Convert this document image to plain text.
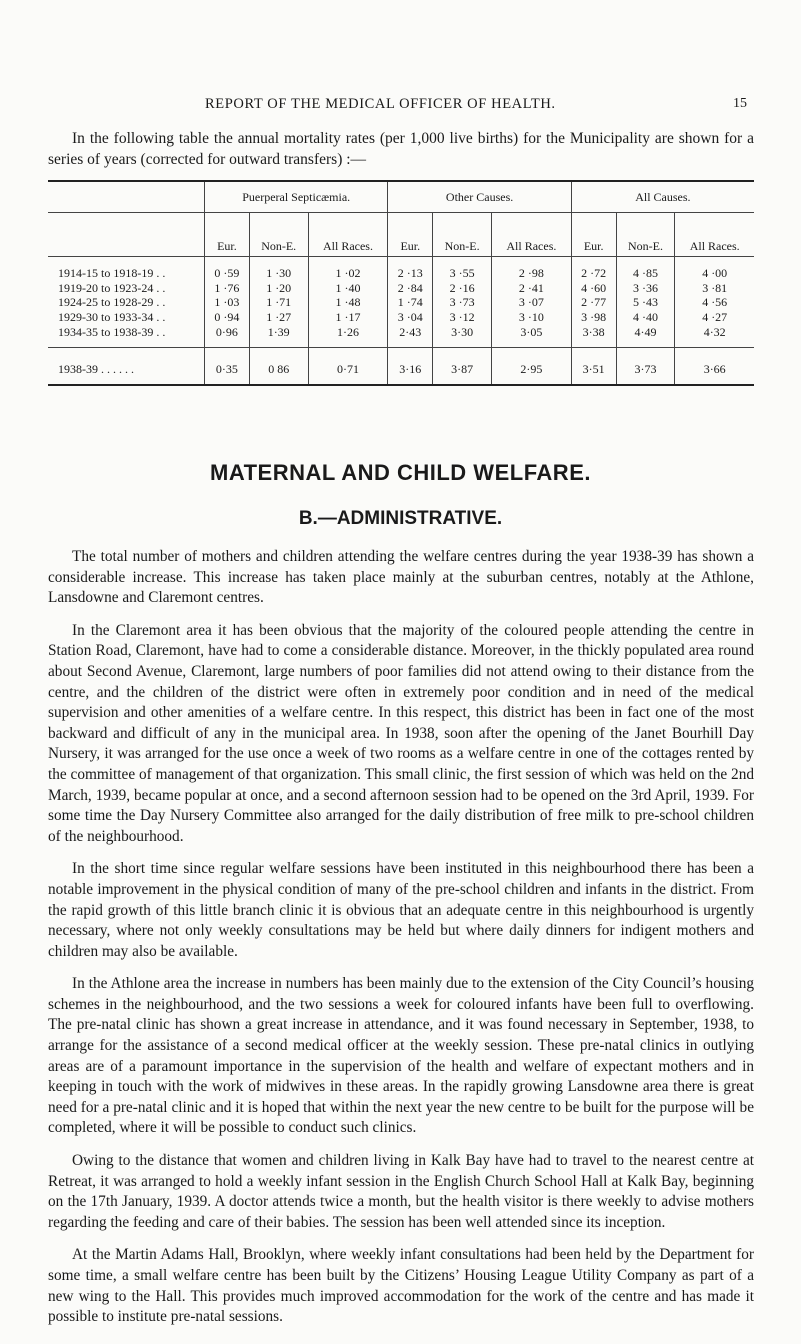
REPORT OF THE MEDICAL OFFICER OF HEALTH.	15

In the following table the annual mortality rates (per 1,000 live births) for the Municipality are shown for a series of years (corrected for outward transfers) :—

	Puerperal Septicæmia.			Other Causes.			All Causes.		
	Eur.	Non-E.	All Races.	Eur.	Non-E.	All Races.	Eur.	Non-E.	All Races.
1914-15 to 1918-19 . .	0 ·59	1 ·30	1 ·02	2 ·13	3 ·55	2 ·98	2 ·72	4 ·85	4 ·00
1919-20 to 1923-24 . .	1 ·76	1 ·20	1 ·40	2 ·84	2 ·16	2 ·41	4 ·60	3 ·36	3 ·81
1924-25 to 1928-29 . .	1 ·03	1 ·71	1 ·48	1 ·74	3 ·73	3 ·07	2 ·77	5 ·43	4 ·56
1929-30 to 1933-34 . .	0 ·94	1 ·27	1 ·17	3 ·04	3 ·12	3 ·10	3 ·98	4 ·40	4 ·27
1934-35 to 1938-39 . .	0·96	1·39	1·26	2·43	3·30	3·05	3·38	4·49	4·32
1938-39 . . . . . .	0·35	0 86	0·71	3·16	3·87	2·95	3·51	3·73	3·66
MATERNAL AND CHILD WELFARE.
B.—ADMINISTRATIVE.

The total number of mothers and children attending the welfare centres during the year 1938-39 has shown a considerable increase. This increase has taken place mainly at the suburban centres, notably at the Athlone, Lansdowne and Claremont centres.

In the Claremont area it has been obvious that the majority of the coloured people attending the centre in Station Road, Claremont, have had to come a considerable distance. Moreover, in the thickly populated area round about Second Avenue, Claremont, large numbers of poor families did not attend owing to their distance from the centre, and the children of the district were often in extremely poor condition and in need of the medical supervision and other amenities of a welfare centre. In this respect, this district has been in fact one of the most backward and difficult of any in the municipal area. In 1938, soon after the opening of the Janet Bourhill Day Nursery, it was arranged for the use once a week of two rooms as a welfare centre in one of the cottages rented by the committee of management of that organization. This small clinic, the first session of which was held on the 2nd March, 1939, became popular at once, and a second afternoon session had to be opened on the 3rd April, 1939. For some time the Day Nursery Committee also arranged for the daily distribution of free milk to pre-school children of the neighbourhood.

In the short time since regular welfare sessions have been instituted in this neighbourhood there has been a notable improvement in the physical condition of many of the pre-school children and infants in the district. From the rapid growth of this little branch clinic it is obvious that an adequate centre in this neighbourhood is urgently necessary, where not only weekly consultations may be held but where daily dinners for indigent mothers and children may also be available.

In the Athlone area the increase in numbers has been mainly due to the extension of the City Council’s housing schemes in the neighbourhood, and the two sessions a week for coloured infants have been full to overflowing. The pre-natal clinic has shown a great increase in attendance, and it was found necessary in September, 1938, to arrange for the assistance of a second medical officer at the weekly session. These pre-natal clinics in outlying areas are of a paramount importance in the supervision of the health and welfare of expectant mothers and in keeping in touch with the work of midwives in these areas. In the rapidly growing Lansdowne area there is great need for a pre-natal clinic and it is hoped that within the next year the new centre to be built for the purpose will be completed, where it will be possible to conduct such clinics.

Owing to the distance that women and children living in Kalk Bay have had to travel to the nearest centre at Retreat, it was arranged to hold a weekly infant session in the English Church School Hall at Kalk Bay, beginning on the 17th January, 1939. A doctor attends twice a month, but the health visitor is there weekly to advise mothers regarding the feeding and care of their babies. The session has been well attended since its inception.

At the Martin Adams Hall, Brooklyn, where weekly infant consultations had been held by the Department for some time, a small welfare centre has been built by the Citizens’ Housing League Utility Company as part of a new wing to the Hall. This provides much improved accommodation for the work of the centre and has made it possible to institute pre-natal sessions.
